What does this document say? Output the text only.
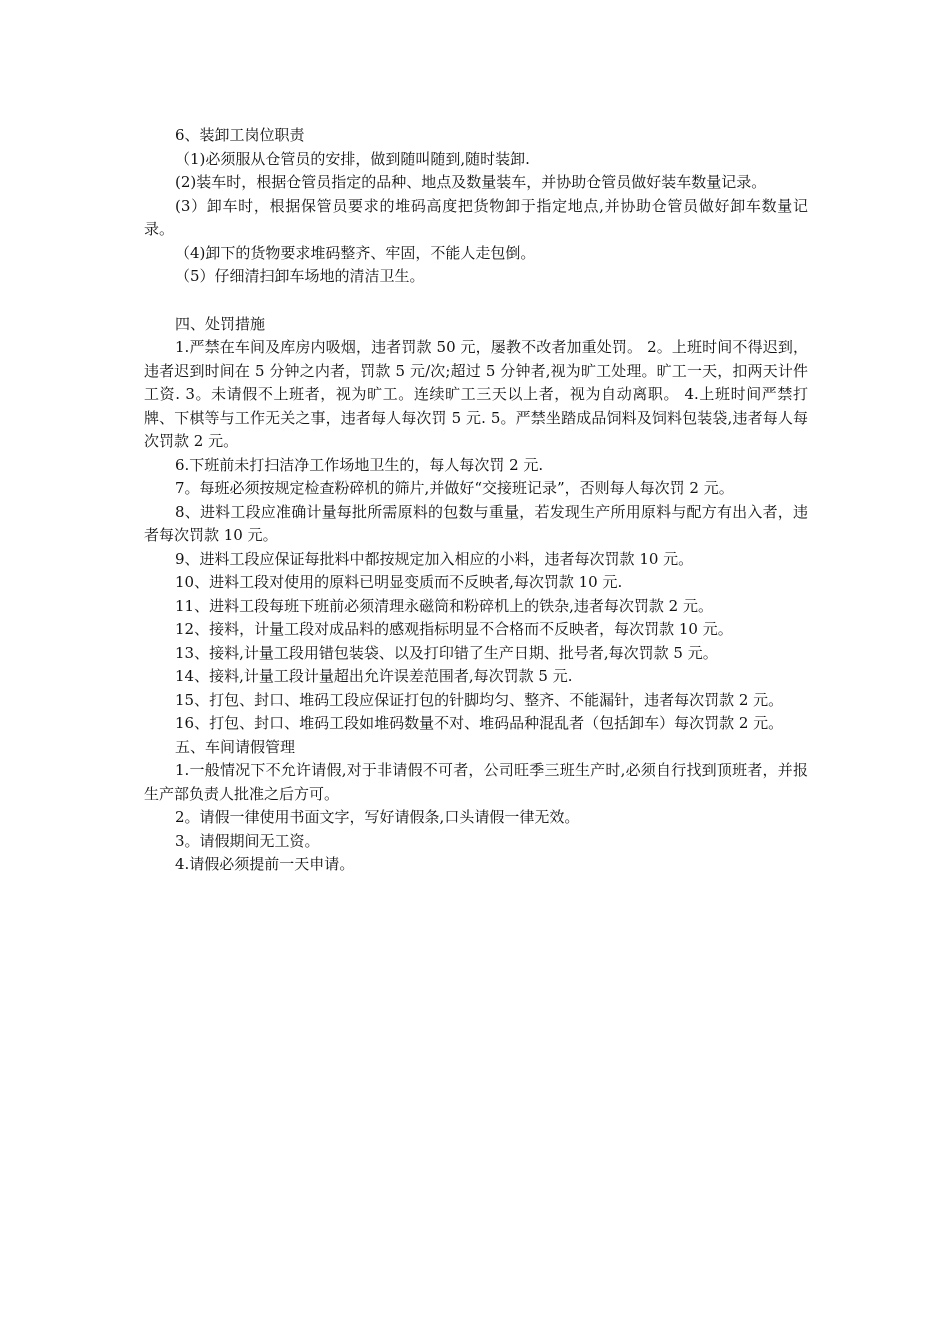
6、装卸工岗位职责

（1)必须服从仓管员的安排，做到随叫随到,随时装卸.

(2)装车时，根据仓管员指定的品种、地点及数量装车，并协助仓管员做好装车数量记录。

(3）卸车时，根据保管员要求的堆码高度把货物卸于指定地点,并协助仓管员做好卸车数量记录。

（4)卸下的货物要求堆码整齐、牢固，不能人走包倒。

（5）仔细清扫卸车场地的清洁卫生。

四、处罚措施

1.严禁在车间及库房内吸烟，违者罚款 50 元，屡教不改者加重处罚。 2。上班时间不得迟到，违者迟到时间在 5 分钟之内者，罚款 5 元/次;超过 5 分钟者,视为旷工处理。旷工一天，扣两天计件工资. 3。未请假不上班者，视为旷工。连续旷工三天以上者，视为自动离职。 4.上班时间严禁打牌、下棋等与工作无关之事，违者每人每次罚 5 元. 5。严禁坐踏成品饲料及饲料包装袋,违者每人每次罚款 2 元。

6.下班前未打扫洁净工作场地卫生的，每人每次罚 2 元.

7。每班必须按规定检查粉碎机的筛片,并做好“交接班记录”，否则每人每次罚 2 元。

8、进料工段应准确计量每批所需原料的包数与重量，若发现生产所用原料与配方有出入者，违者每次罚款 10 元。

9、进料工段应保证每批料中都按规定加入相应的小料，违者每次罚款 10 元。

10、进料工段对使用的原料已明显变质而不反映者,每次罚款 10 元.

11、进料工段每班下班前必须清理永磁筒和粉碎机上的铁杂,违者每次罚款 2 元。

12、接料，计量工段对成品料的感观指标明显不合格而不反映者，每次罚款 10 元。

13、接料,计量工段用错包装袋、以及打印错了生产日期、批号者,每次罚款 5 元。

14、接料,计量工段计量超出允许误差范围者,每次罚款 5 元.

15、打包、封口、堆码工段应保证打包的针脚均匀、整齐、不能漏针，违者每次罚款 2 元。

16、打包、封口、堆码工段如堆码数量不对、堆码品种混乱者（包括卸车）每次罚款 2 元。

五、车间请假管理

1.一般情况下不允许请假,对于非请假不可者，公司旺季三班生产时,必须自行找到顶班者，并报生产部负责人批准之后方可。

2。请假一律使用书面文字，写好请假条,口头请假一律无效。

3。请假期间无工资。

4.请假必须提前一天申请。
